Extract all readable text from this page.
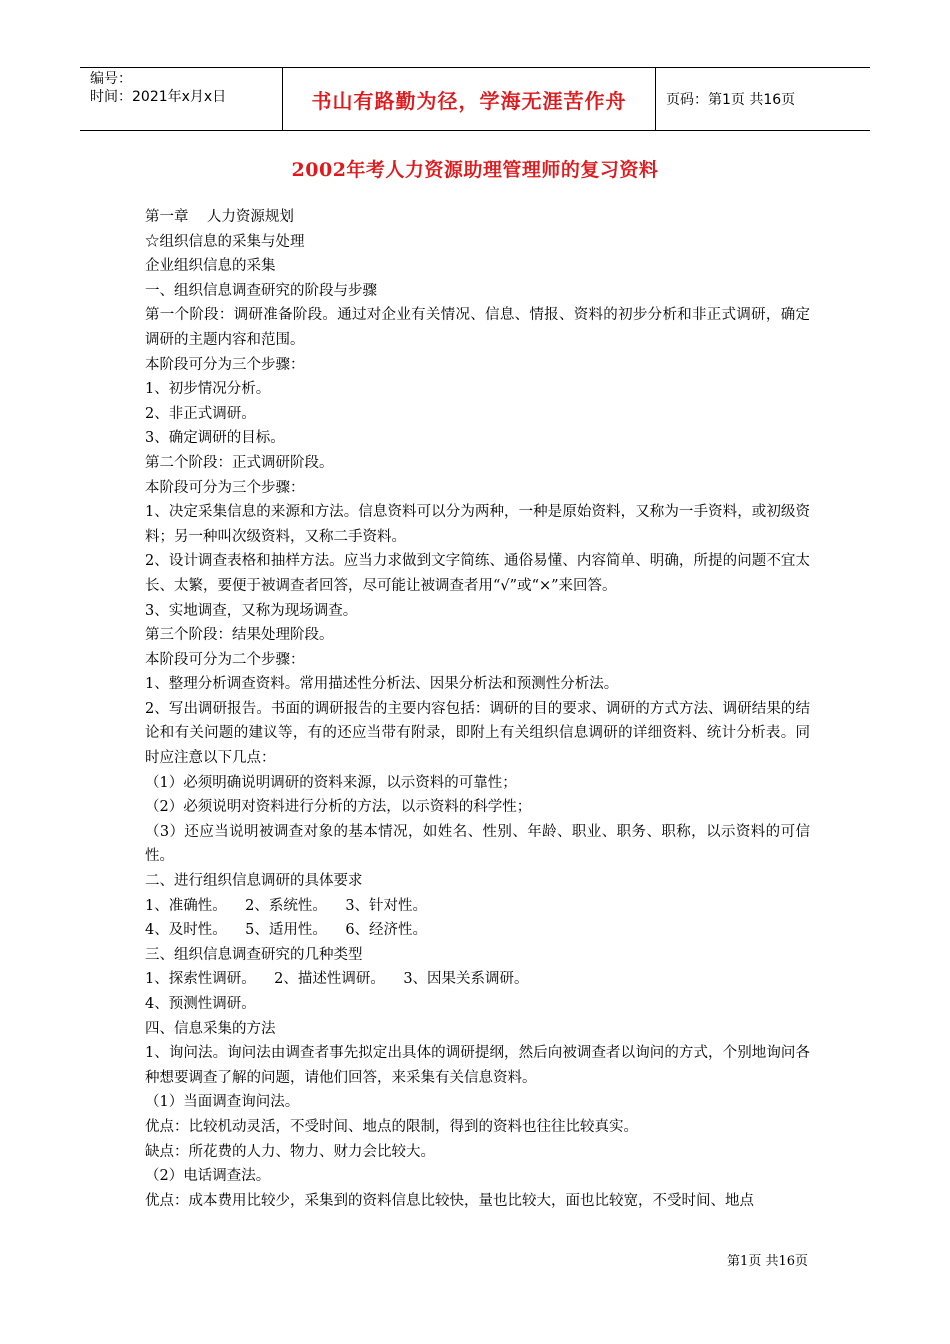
编号：
时间：2021年x月x日	书山有路勤为径，学海无涯苦作舟	页码：第1页 共16页
2002年考人力资源助理管理师的复习资料

第一章    人力资源规划

☆组织信息的采集与处理

企业组织信息的采集

一、组织信息调查研究的阶段与步骤

第一个阶段：调研准备阶段。通过对企业有关情况、信息、情报、资料的初步分析和非正式调研，确定调研的主题内容和范围。

本阶段可分为三个步骤：

1、初步情况分析。

2、非正式调研。

3、确定调研的目标。

第二个阶段：正式调研阶段。

本阶段可分为三个步骤：

1、决定采集信息的来源和方法。信息资料可以分为两种，一种是原始资料，又称为一手资料，或初级资料；另一种叫次级资料，又称二手资料。

2、设计调查表格和抽样方法。应当力求做到文字简练、通俗易懂、内容简单、明确，所提的问题不宜太长、太繁，要便于被调查者回答，尽可能让被调查者用“√”或“×”来回答。

3、实地调查，又称为现场调查。

第三个阶段：结果处理阶段。

本阶段可分为二个步骤：

1、整理分析调查资料。常用描述性分析法、因果分析法和预测性分析法。

2、写出调研报告。书面的调研报告的主要内容包括：调研的目的要求、调研的方式方法、调研结果的结论和有关问题的建议等，有的还应当带有附录，即附上有关组织信息调研的详细资料、统计分析表。同时应注意以下几点：

（1）必须明确说明调研的资料来源，以示资料的可靠性；

（2）必须说明对资料进行分析的方法，以示资料的科学性；

（3）还应当说明被调查对象的基本情况，如姓名、性别、年龄、职业、职务、职称，以示资料的可信性。

二、进行组织信息调研的具体要求

1、准确性。    2、系统性。    3、针对性。

4、及时性。    5、适用性。    6、经济性。

三、组织信息调查研究的几种类型

1、探索性调研。    2、描述性调研。    3、因果关系调研。

4、预测性调研。

四、信息采集的方法

1、询问法。询问法由调查者事先拟定出具体的调研提纲，然后向被调查者以询问的方式，个别地询问各种想要调查了解的问题，请他们回答，来采集有关信息资料。

（1）当面调查询问法。

优点：比较机动灵活，不受时间、地点的限制，得到的资料也往往比较真实。

缺点：所花费的人力、物力、财力会比较大。

（2）电话调查法。

优点：成本费用比较少，采集到的资料信息比较快，量也比较大，面也比较宽，不受时间、地点

第1页 共16页
